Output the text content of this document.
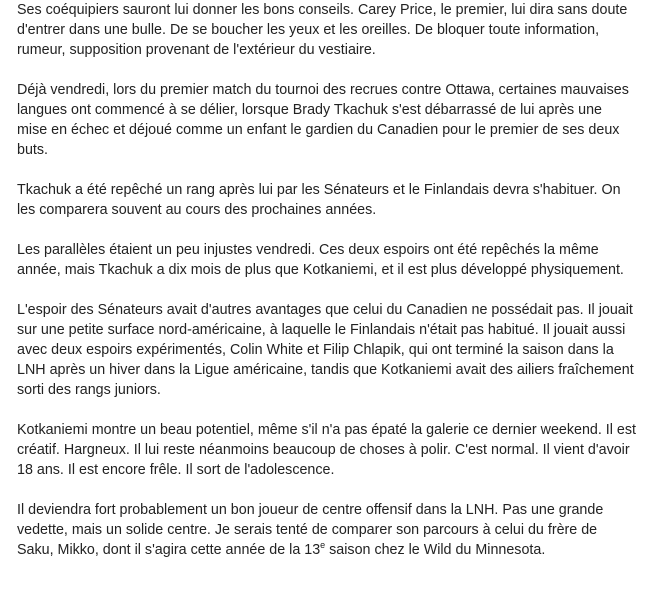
Ses coéquipiers sauront lui donner les bons conseils. Carey Price, le premier, lui dira sans doute d'entrer dans une bulle. De se boucher les yeux et les oreilles. De bloquer toute information, rumeur, supposition provenant de l'extérieur du vestiaire.

Déjà vendredi, lors du premier match du tournoi des recrues contre Ottawa, certaines mauvaises langues ont commencé à se délier, lorsque Brady Tkachuk s'est débarrassé de lui après une mise en échec et déjoué comme un enfant le gardien du Canadien pour le premier de ses deux buts.

Tkachuk a été repêché un rang après lui par les Sénateurs et le Finlandais devra s'habituer. On les comparera souvent au cours des prochaines années.

Les parallèles étaient un peu injustes vendredi. Ces deux espoirs ont été repêchés la même année, mais Tkachuk a dix mois de plus que Kotkaniemi, et il est plus développé physiquement.

L'espoir des Sénateurs avait d'autres avantages que celui du Canadien ne possédait pas. Il jouait sur une petite surface nord-américaine, à laquelle le Finlandais n'était pas habitué. Il jouait aussi avec deux espoirs expérimentés, Colin White et Filip Chlapik, qui ont terminé la saison dans la LNH après un hiver dans la Ligue américaine, tandis que Kotkaniemi avait des ailiers fraîchement sorti des rangs juniors.

Kotkaniemi montre un beau potentiel, même s'il n'a pas épaté la galerie ce dernier weekend. Il est créatif. Hargneux. Il lui reste néanmoins beaucoup de choses à polir. C'est normal. Il vient d'avoir 18 ans. Il est encore frêle. Il sort de l'adolescence.

Il deviendra fort probablement un bon joueur de centre offensif dans la LNH. Pas une grande vedette, mais un solide centre. Je serais tenté de comparer son parcours à celui du frère de Saku, Mikko, dont il s'agira cette année de la 13e saison chez le Wild du Minnesota.
